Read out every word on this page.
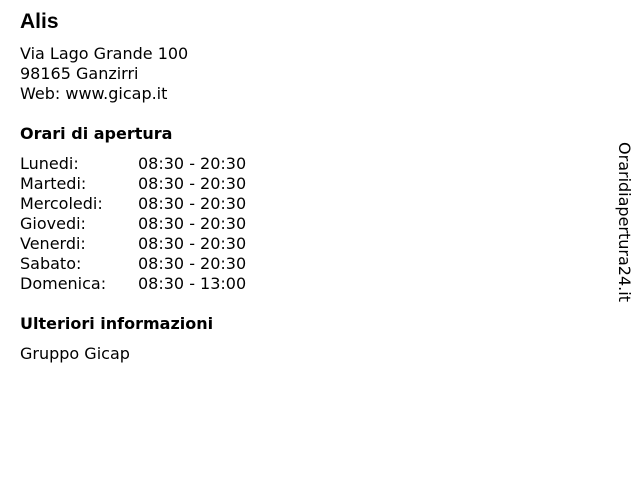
Alis
Via Lago Grande 100
98165 Ganzirri
Web: www.gicap.it
Orari di apertura
Lunedi:	08:30 - 20:30
Martedi:	08:30 - 20:30
Mercoledi: 08:30 - 20:30
Giovedi:	08:30 - 20:30
Venerdi:	08:30 - 20:30
Sabato:	08:30 - 20:30
Domenica: 08:30 - 13:00
Ulteriori informazioni
Gruppo Gicap
Oraridiapertura24.it
